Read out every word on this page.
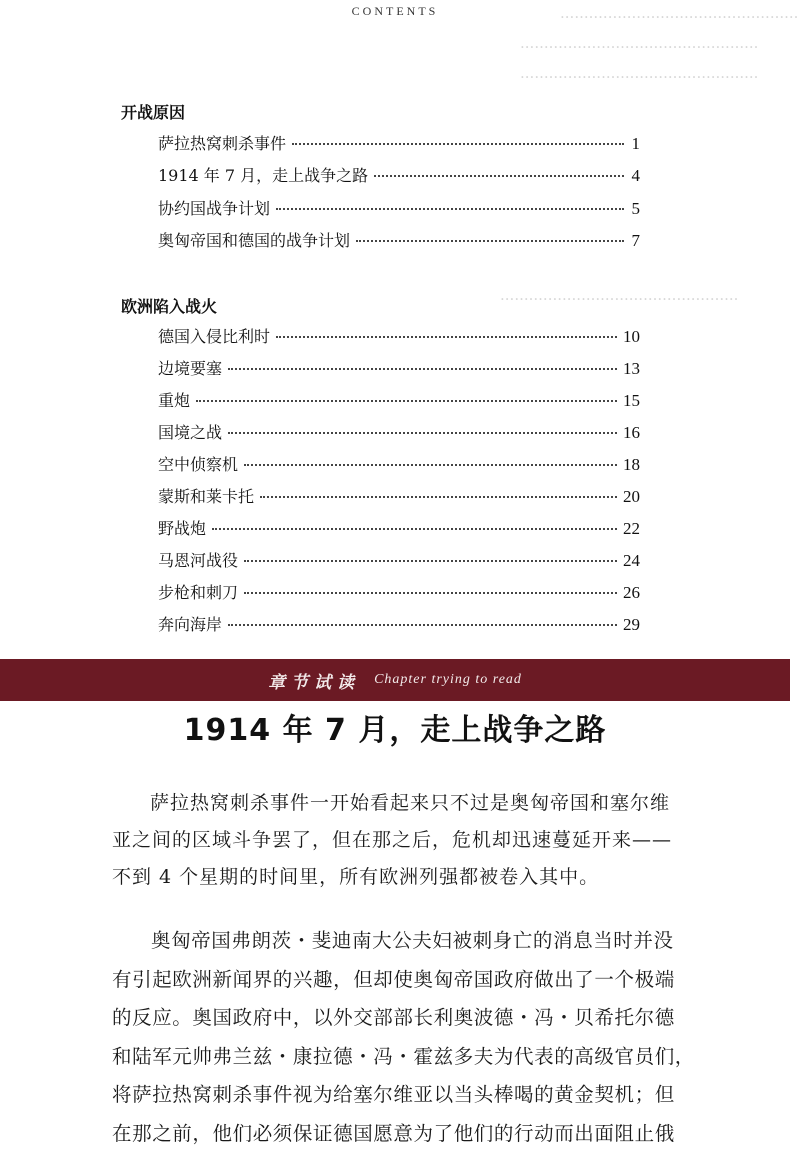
··················································
··················································
··················································
··················································
CONTENTS
开战原因
萨拉热窝刺杀事件	1
1914 年 7 月，走上战争之路	4
协约国战争计划	5
奥匈帝国和德国的战争计划	7
欧洲陷入战火
德国入侵比利时	10
边境要塞	13
重炮	15
国境之战	16
空中侦察机	18
蒙斯和莱卡托	20
野战炮	22
马恩河战役	24
步枪和刺刀	26
奔向海岸	29
章节试读 Chapter trying to read
1914 年 7 月，走上战争之路
萨拉热窝刺杀事件一开始看起来只不过是奥匈帝国和塞尔维
亚之间的区域斗争罢了，但在那之后，危机却迅速蔓延开来——
不到 4 个星期的时间里，所有欧洲列强都被卷入其中。
奥匈帝国弗朗茨・斐迪南大公夫妇被刺身亡的消息当时并没
有引起欧洲新闻界的兴趣，但却使奥匈帝国政府做出了一个极端
的反应。奥国政府中，以外交部部长利奥波德・冯・贝希托尔德
和陆军元帅弗兰兹・康拉德・冯・霍兹多夫为代表的高级官员们，
将萨拉热窝刺杀事件视为给塞尔维亚以当头棒喝的黄金契机；但
在那之前，他们必须保证德国愿意为了他们的行动而出面阻止俄
